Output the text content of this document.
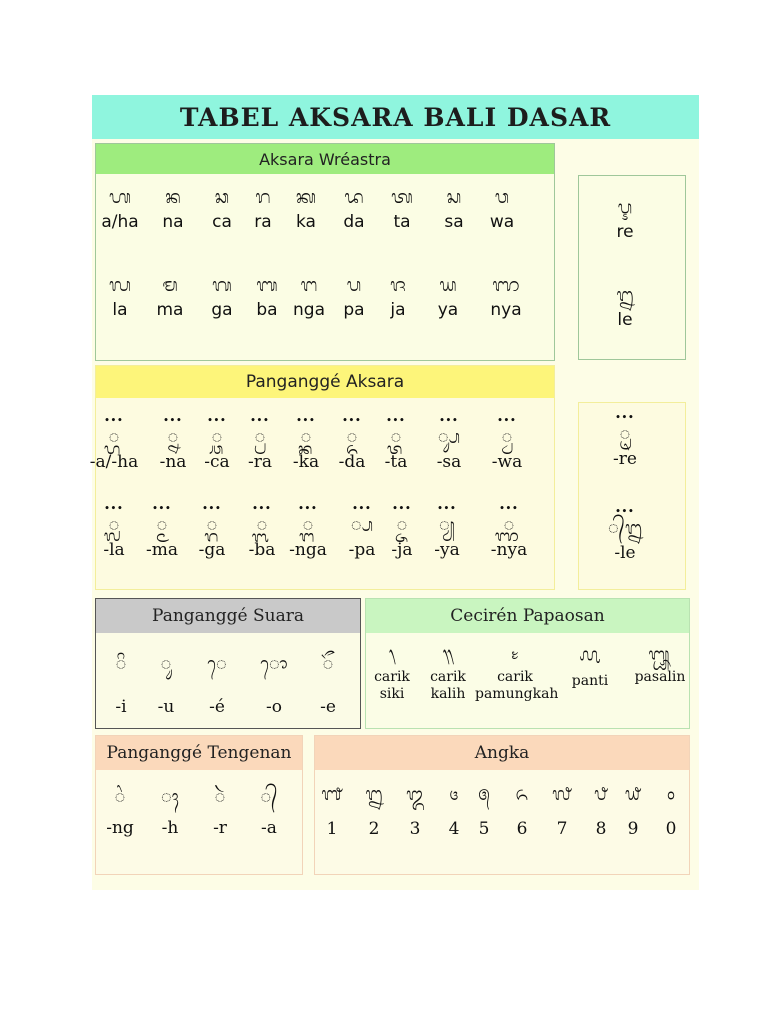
TABEL AKSARA BALI DASAR
Aksara Wréastra
ᬳ
a/ha
ᬦ
na
ᬘ
ca
ᬭ
ra
ᬓ
ka
ᬤ
da
ᬢ
ta
ᬲ
sa
ᬯ
wa
ᬮ
la
ᬫ
ma
ᬕ
ga
ᬩ
ba
ᬗ
nga
ᬧ
pa
ᬚ
ja
ᬬ
ya
ᬜ
nya
ᬋ
re
ᬍ
le
Panganggé Aksara
∙∙∙
᭄ᬳ
-a/-ha
∙∙∙
᭄ᬦ
-na
∙∙∙
᭄ᬘ
-ca
∙∙∙
᭄ᬭ
-ra
∙∙∙
᭄ᬓ
-ka
∙∙∙
᭄ᬤ
-da
∙∙∙
᭄ᬢ
-ta
∙∙∙
᭄ᬲ
-sa
∙∙∙
᭄ᬯ
-wa
∙∙∙
᭄ᬮ
-la
∙∙∙
᭄ᬫ
-ma
∙∙∙
᭄ᬕ
-ga
∙∙∙
᭄ᬩ
-ba
∙∙∙
᭄ᬗ
-nga
∙∙∙
᭄ᬧ
-pa
∙∙∙
᭄ᬚ
-ja
∙∙∙
᭄ᬬ
-ya
∙∙∙
᭄ᬜ
-nya
∙∙∙
ᬺ
-re
∙∙∙
᭄ᬍ
-le
Panganggé Suara
ᬶ
-i
ᬸ
-u
ᬾ
-é
ᭀ
-o
ᭂ
-e
Cecirén Papaosan
᭞
carik
siki
᭟
carik
kalih
᭝
carik
pamungkah
᭚
panti
᭛
pasalin
Panganggé Tengenan
ᬂ
-ng
ᬄ
-h
ᬃ
-r
᭄
-a
Angka
᭑
1
᭒
2
᭓
3
᭔
4
᭕
5
᭖
6
᭗
7
᭘
8
᭙
9
᭐
0
